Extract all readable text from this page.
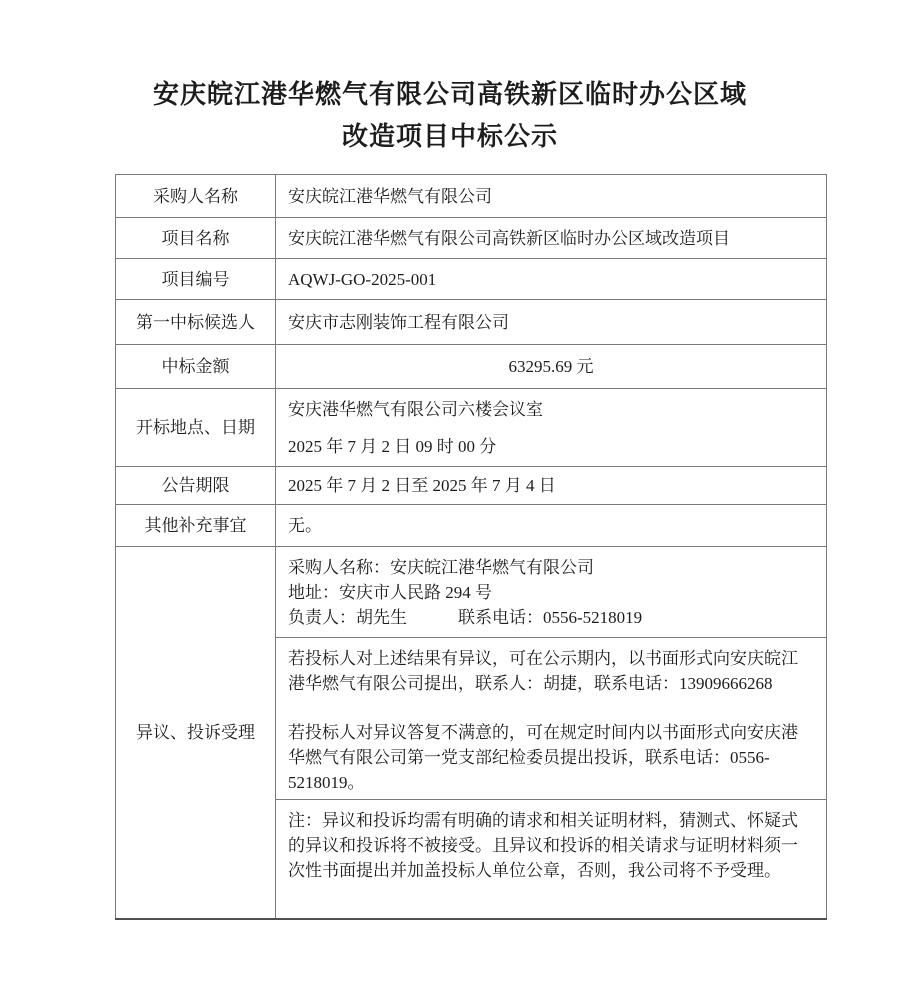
安庆皖江港华燃气有限公司高铁新区临时办公区域
改造项目中标公示
采购人名称	安庆皖江港华燃气有限公司
项目名称	安庆皖江港华燃气有限公司高铁新区临时办公区域改造项目
项目编号	AQWJ-GO-2025-001
第一中标候选人	安庆市志刚装饰工程有限公司
中标金额	63295.69 元
开标地点、日期	安庆港华燃气有限公司六楼会议室

2025 年 7 月 2 日 09 时 00 分

公告期限	2025 年 7 月 2 日至 2025 年 7 月 4 日
其他补充事宜	无。
异议、投诉受理	采购人名称：安庆皖江港华燃气有限公司

地址：安庆市人民路 294 号

负责人：胡先生　　　联系电话：0556-5218019

	若投标人对上述结果有异议，可在公示期内，以书面形式向安庆皖江港华燃气有限公司提出，联系人：胡捷，联系电话：13909666268

若投标人对异议答复不满意的，可在规定时间内以书面形式向安庆港华燃气有限公司第一党支部纪检委员提出投诉，联系电话：0556-5218019。

	注：异议和投诉均需有明确的请求和相关证明材料，猜测式、怀疑式的异议和投诉将不被接受。且异议和投诉的相关请求与证明材料须一次性书面提出并加盖投标人单位公章，否则，我公司将不予受理。
